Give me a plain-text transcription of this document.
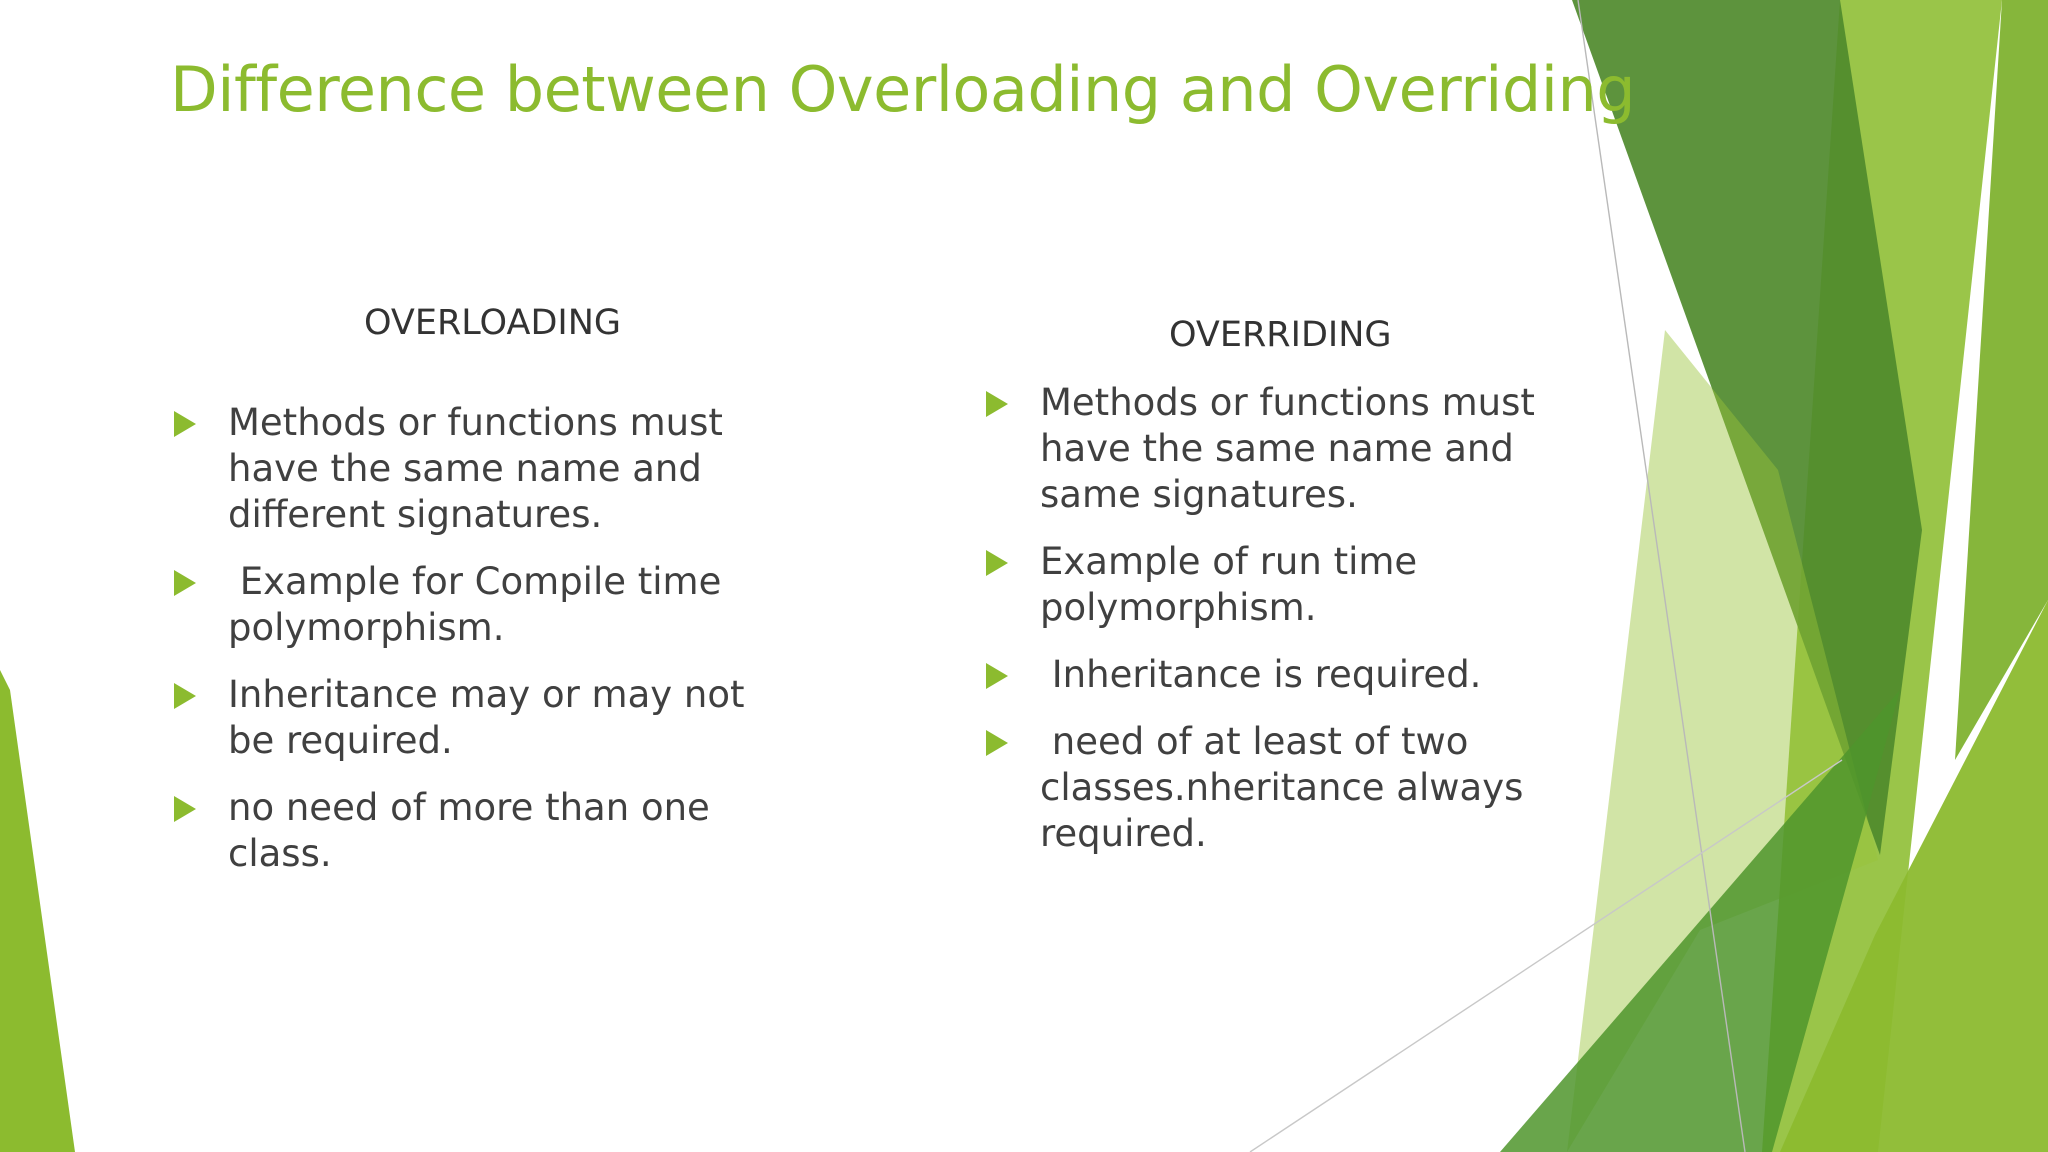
Difference between Overloading and Overriding
OVERLOADING
Methods or functions must have the same name and different signatures.
Example for Compile time polymorphism.
Inheritance may or may not be required.
no need of more than one class.
OVERRIDING
Methods or functions must have the same name and same signatures.
Example of run time polymorphism.
Inheritance is required.
need of at least of two classes.nheritance always required.
